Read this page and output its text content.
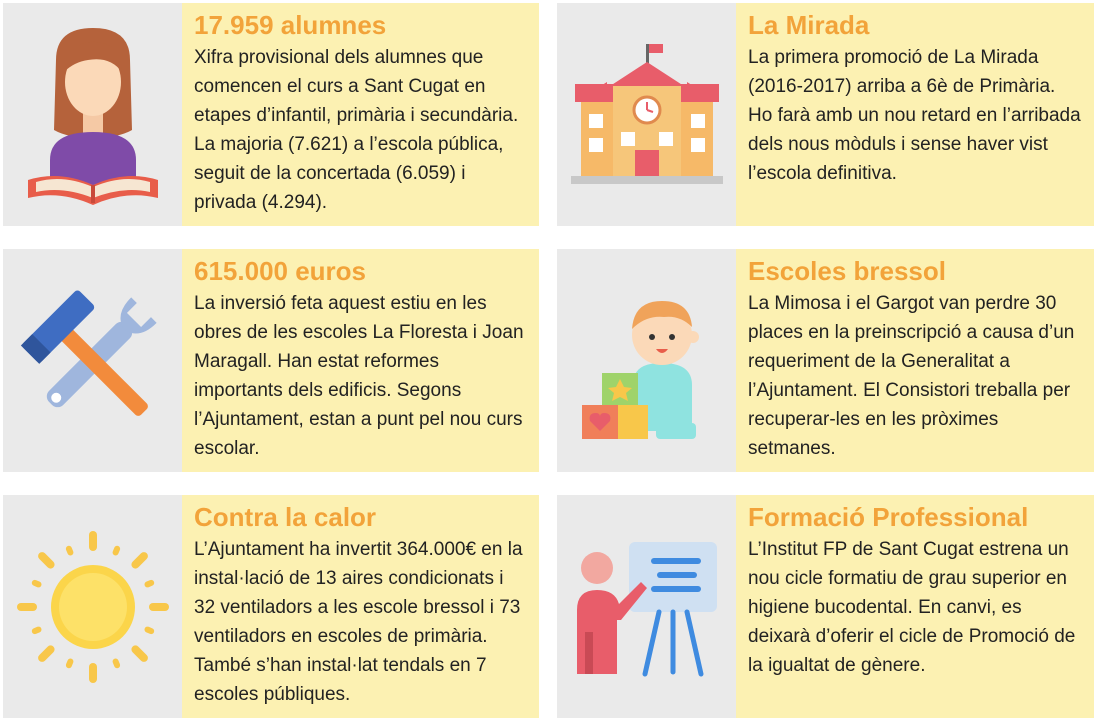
17.959 alumnes

Xifra provisional dels alumnes que comencen el curs a Sant Cugat en etapes d’infantil, primària i secundària. La majoria (7.621) a l’escola pública, seguit de la concertada (6.059) i privada (4.294).

La Mirada

La primera promoció de La Mirada (2016-2017) arriba a 6è de Primària. Ho farà amb un nou retard en l’arribada dels nous mòduls i sense haver vist l’escola definitiva.

615.000 euros

La inversió feta aquest estiu en les obres de les escoles La Floresta i Joan Maragall. Han estat reformes importants dels edificis. Segons l’Ajuntament, estan a punt pel nou curs escolar.

Escoles bressol

La Mimosa i el Gargot van perdre 30 places en la preinscripció a causa d’un requeriment de la Generalitat a l’Ajuntament. El Consistori treballa per recuperar-les en les pròximes setmanes.

Contra la calor

L’Ajuntament ha invertit 364.000€ en la instal·lació de 13 aires condicionats i 32 ventiladors a les escole bressol i 73 ventiladors en escoles de primària. També s’han instal·lat tendals en 7 escoles públiques.

Formació Professional

L’Institut FP de Sant Cugat estrena un nou cicle formatiu de grau superior en higiene bucodental. En canvi, es deixarà d’oferir el cicle de Promoció de la igualtat de gènere.
